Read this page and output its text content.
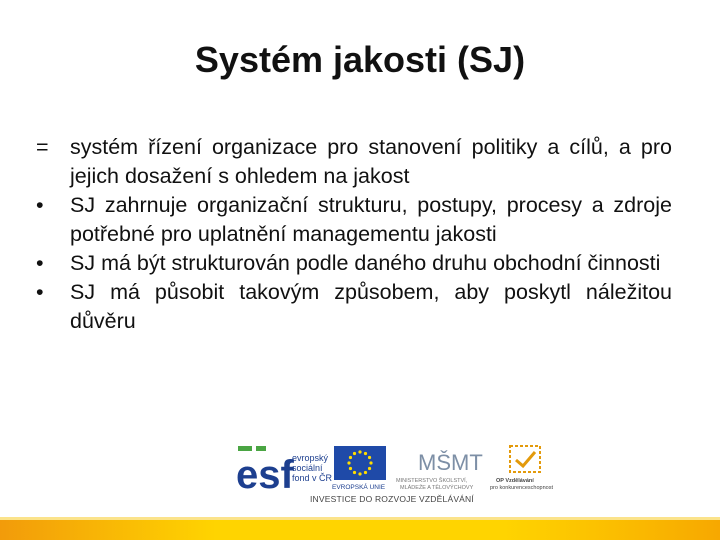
Systém jakosti (SJ)
= systém řízení organizace pro stanovení politiky a cílů, a pro jejich dosažení s ohledem na jakost
•	SJ zahrnuje organizační strukturu, postupy, procesy a zdroje potřebné pro uplatnění managementu jakosti
•	SJ má být strukturován podle daného druhu obchodní činnosti
•	SJ má působit takovým způsobem, aby poskytl náležitou důvěru
esf
evropský
sociální
fond v ČR
EVROPSKÁ UNIE
MŠMT
MINISTERSTVO ŠKOLSTVÍ,
MLÁDEŽE A TĚLOVÝCHOVY
OP Vzdělávání
pro konkurenceschopnost
INVESTICE DO ROZVOJE VZDĚLÁVÁNÍ
